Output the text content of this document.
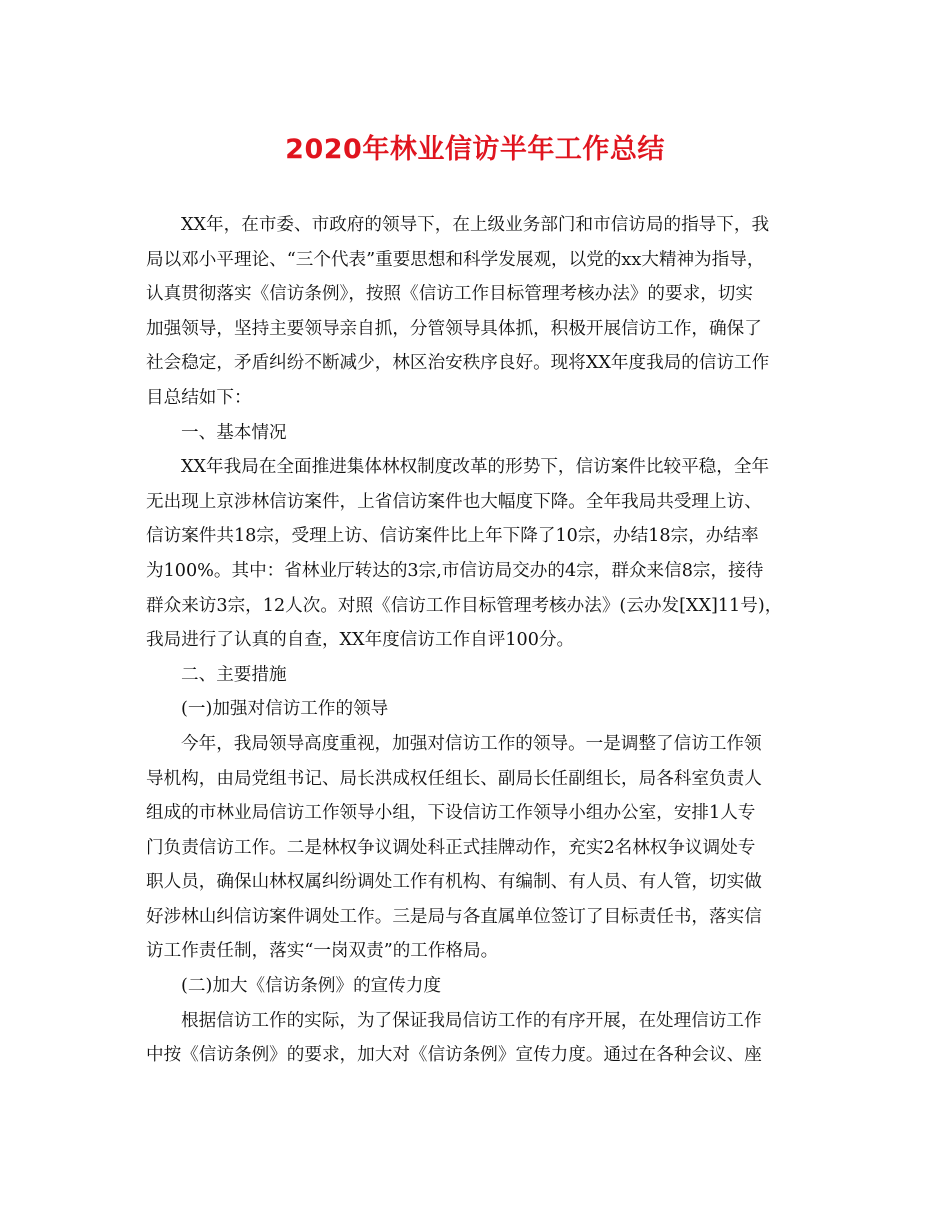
2020年林业信访半年工作总结
XX年，在市委、市政府的领导下，在上级业务部门和市信访局的指导下，我
局以邓小平理论、“三个代表”重要思想和科学发展观，以党的xx大精神为指导，
认真贯彻落实《信访条例》，按照《信访工作目标管理考核办法》的要求，切实
加强领导，坚持主要领导亲自抓，分管领导具体抓，积极开展信访工作，确保了
社会稳定，矛盾纠纷不断减少，林区治安秩序良好。现将XX年度我局的信访工作
目总结如下：
一、基本情况
XX年我局在全面推进集体林权制度改革的形势下，信访案件比较平稳，全年
无出现上京涉林信访案件，上省信访案件也大幅度下降。全年我局共受理上访、
信访案件共18宗，受理上访、信访案件比上年下降了10宗，办结18宗，办结率
为100%。其中：省林业厅转达的3宗,市信访局交办的4宗，群众来信8宗，接待
群众来访3宗，12人次。对照《信访工作目标管理考核办法》(云办发[XX]11号)，
我局进行了认真的自查，XX年度信访工作自评100分。
二、主要措施
(一)加强对信访工作的领导
今年，我局领导高度重视，加强对信访工作的领导。一是调整了信访工作领
导机构，由局党组书记、局长洪成权任组长、副局长任副组长，局各科室负责人
组成的市林业局信访工作领导小组，下设信访工作领导小组办公室，安排1人专
门负责信访工作。二是林权争议调处科正式挂牌动作，充实2名林权争议调处专
职人员，确保山林权属纠纷调处工作有机构、有编制、有人员、有人管，切实做
好涉林山纠信访案件调处工作。三是局与各直属单位签订了目标责任书，落实信
访工作责任制，落实“一岗双责”的工作格局。
(二)加大《信访条例》的宣传力度
根据信访工作的实际，为了保证我局信访工作的有序开展，在处理信访工作
中按《信访条例》的要求，加大对《信访条例》宣传力度。通过在各种会议、座
